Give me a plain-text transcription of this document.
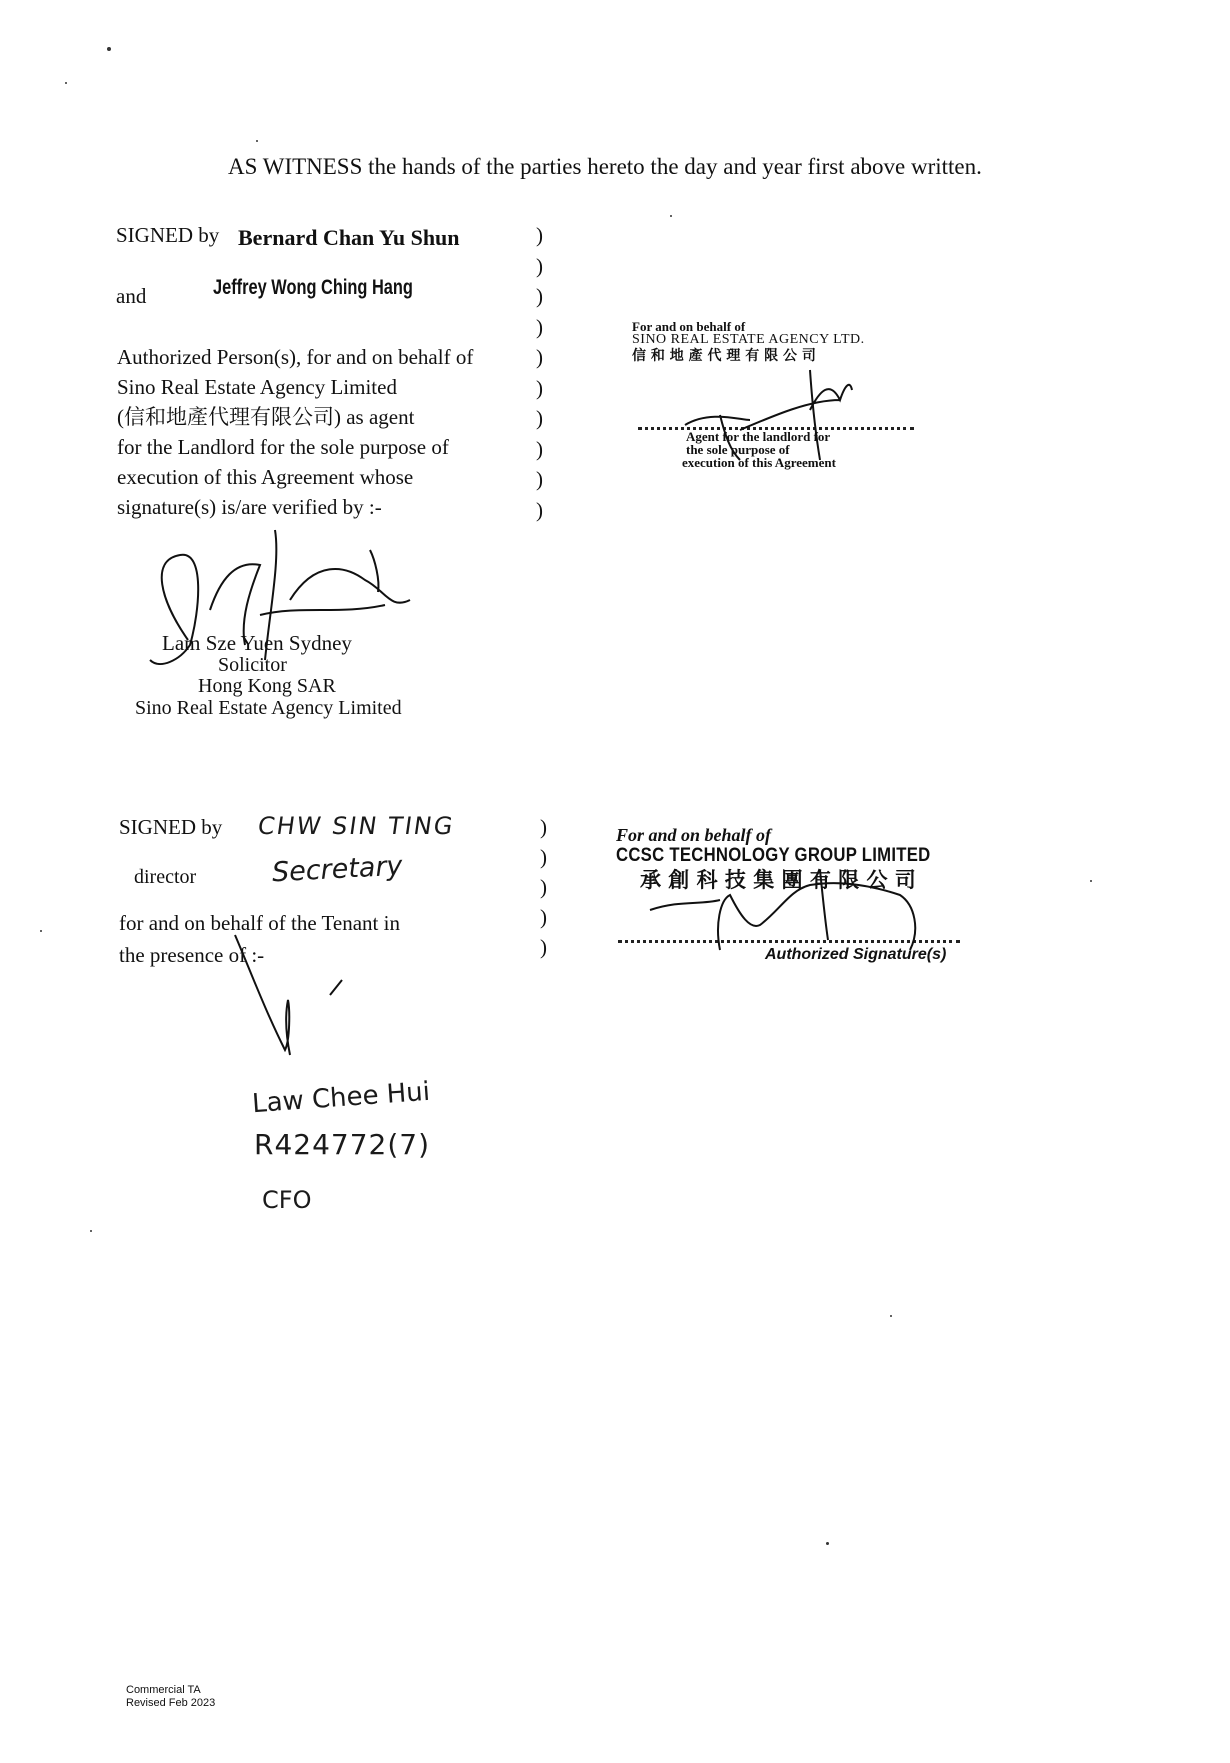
AS WITNESS the hands of the parties hereto the day and year first above written.
SIGNED by Bernard Chan Yu Shun
and	Jeffrey Wong Ching Hang
Authorized Person(s), for and on behalf of
Sino Real Estate Agency Limited
(信和地產代理有限公司) as agent
for the Landlord for the sole purpose of
execution of this Agreement whose
signature(s) is/are verified by :-
)
)
)
)
)
)
)
)
)
)
Lam Sze Yuen Sydney
Solicitor
Hong Kong SAR
Sino Real Estate Agency Limited
For and on behalf of
SINO REAL ESTATE AGENCY LTD.
信 和 地 產 代 理 有 限 公 司
Agent for the landlord for
the sole purpose of
execution of this Agreement
SIGNED by CHW SIN TING
director	Secretary
for and on behalf of the Tenant in
the presence of :-
)
)
)
)
)
Law Chee Hui
R424772(7)
CFO
For and on behalf of
CCSC TECHNOLOGY GROUP LIMITED
承 創 科 技 集 團 有 限 公 司
Authorized Signature(s)
Commercial TA
Revised Feb 2023
